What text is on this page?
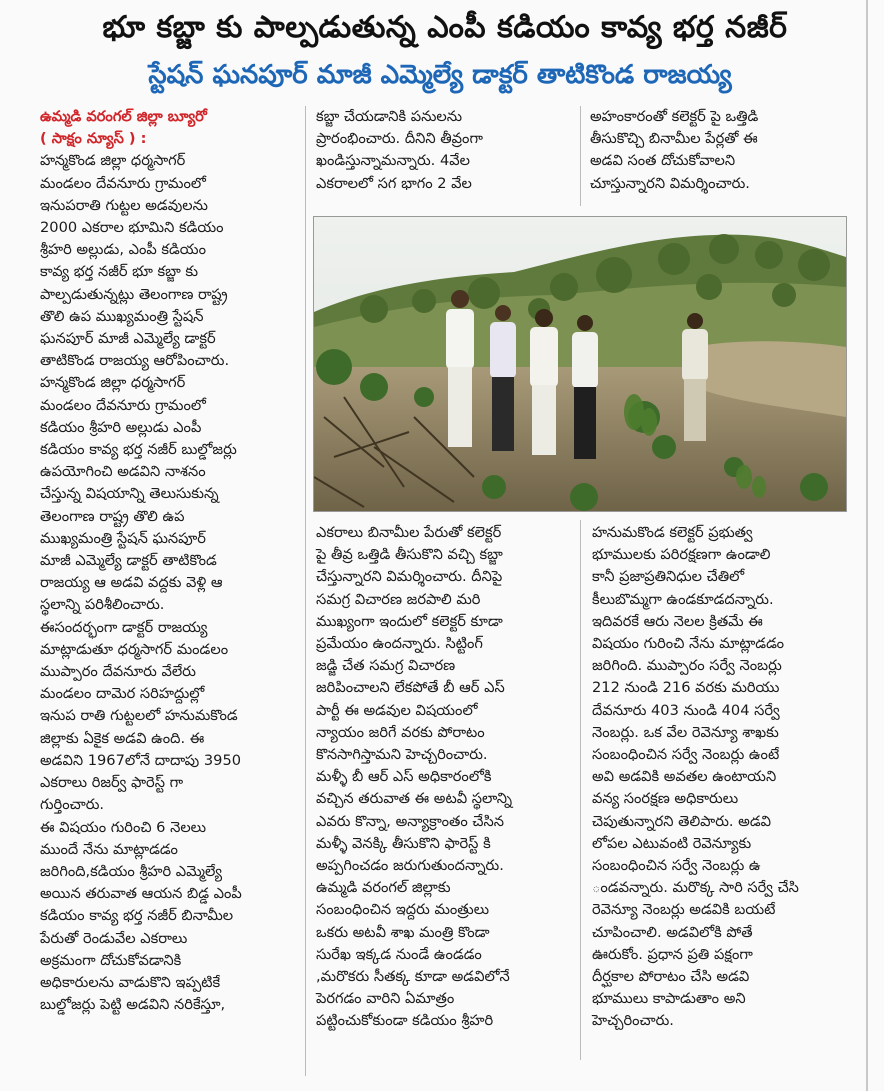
భూ కబ్జా కు పాల్పడుతున్న ఎంపీ కడియం కావ్య భర్త నజీర్
స్టేషన్ ఘనపూర్ మాజీ ఎమ్మెల్యే డాక్టర్ తాటికొండ రాజయ్య

ఉమ్మడి వరంగల్ జిల్లా బ్యూరో
( సాక్షం న్యూస్ ) :

హన్మకొండ జిల్లా ధర్మసాగర్
మండలం దేవనూరు గ్రామంలో
ఇనుపరాతి గుట్టల అడవులను
2000 ఎకరాల భూమిని కడియం
శ్రీహరి అల్లుడు, ఎంపీ కడియం
కావ్య భర్త నజీర్ భూ కబ్జా కు
పాల్పడుతున్నట్లు తెలంగాణ రాష్ట్ర
తొలి ఉప ముఖ్యమంత్రి స్టేషన్
ఘనపూర్ మాజీ ఎమ్మెల్యే డాక్టర్
తాటికొండ రాజయ్య ఆరోపించారు.
హన్మకొండ జిల్లా ధర్మసాగర్
మండలం దేవనూరు గ్రామంలో
కడియం శ్రీహరి అల్లుడు ఎంపీ
కడియం కావ్య భర్త నజీర్ బుల్డోజర్లు
ఉపయోగించి అడవిని నాశనం
చేస్తున్న విషయాన్ని తెలుసుకున్న
తెలంగాణ రాష్ట్ర తొలి ఉప
ముఖ్యమంత్రి స్టేషన్ ఘనపూర్
మాజీ ఎమ్మెల్యే డాక్టర్ తాటికొండ
రాజయ్య ఆ అడవి వద్దకు వెళ్లి ఆ
స్థలాన్ని పరిశీలించారు.
ఈసందర్భంగా డాక్టర్ రాజయ్య
మాట్లాడుతూ ధర్మసాగర్ మండలం
ముప్పారం దేవనూరు వేలేరు
మండలం దామెర సరిహద్దుల్లో
ఇనుప రాతి గుట్టలలో హనుమకొండ
జిల్లాకు ఏకైక అడవి ఉంది. ఈ
అడవిని 1967లోనే దాదాపు 3950
ఎకరాలు రిజర్వ్ ఫారెస్ట్ గా
గుర్తించారు.
ఈ విషయం గురించి 6 నెలలు
ముందే నేను మాట్లాడడం
జరిగింది,కడియం శ్రీహరి ఎమ్మెల్యే
అయిన తరువాత ఆయన బిడ్డ ఎంపీ
కడియం కావ్య భర్త నజీర్ బినామీల
పేరుతో రెండువేల ఎకరాలు
అక్రమంగా దోచుకోవడానికి
అధికారులను వాడుకొని ఇప్పటికే
బుల్డోజర్లు పెట్టి అడవిని నరికేస్తూ,

కబ్జా చేయడానికి పనులను
ప్రారంభించారు. దీనిని తీవ్రంగా
ఖండిస్తున్నామన్నారు. 4వేల
ఎకరాలలో సగ భాగం 2 వేల

అహంకారంతో కలెక్టర్ పై ఒత్తిడి
తీసుకొచ్చి బినామీల పేర్లతో ఈ
అడవి సంత దోచుకోవాలని
చూస్తున్నారని విమర్శించారు.

ఎకరాలు బినామీల పేరుతో కలెక్టర్
పై తీవ్ర ఒత్తిడి తీసుకొని వచ్చి కబ్జా
చేస్తున్నారని విమర్శించారు. దీనిపై
సమగ్ర విచారణ జరపాలి మరి
ముఖ్యంగా ఇందులో కలెక్టర్ కూడా
ప్రమేయం ఉందన్నారు. సిట్టింగ్
జడ్జి చేత సమగ్ర విచారణ
జరిపించాలని లేకపోతే బీ ఆర్ ఎస్
పార్టీ ఈ అడవుల విషయంలో
న్యాయం జరిగే వరకు పోరాటం
కొనసాగిస్తామని హెచ్చరించారు.
మళ్ళీ బీ ఆర్ ఎస్ అధికారంలోకి
వచ్చిన తరువాత ఈ అటవీ స్థలాన్ని
ఎవరు కొన్నా, అన్యాక్రాంతం చేసిన
మళ్ళీ వెనక్కి తీసుకొని ఫారెస్ట్ కి
అప్పగించడం జరుగుతుందన్నారు.
ఉమ్మడి వరంగల్ జిల్లాకు
సంబంధించిన ఇద్దరు మంత్రులు
ఒకరు అటవీ శాఖ మంత్రి కొండా
సురేఖ ఇక్కడ నుండే ఉండడం
,మరొకరు సీతక్క కూడా అడవిలోనే
పెరగడం వారిని ఏమాత్రం
పట్టించుకోకుండా కడియం శ్రీహరి

హనుమకొండ కలెక్టర్ ప్రభుత్వ
భూములకు పరిరక్షణగా ఉండాలి
కానీ ప్రజాప్రతినిధుల చేతిలో
కీలుబొమ్మగా ఉండకూడదన్నారు.
ఇదివరకే ఆరు నెలల క్రితమే ఈ
విషయం గురించి నేను మాట్లాడడం
జరిగింది. ముప్పారం సర్వే నెంబర్లు
212 నుండి 216 వరకు మరియు
దేవనూరు 403 నుండి 404 సర్వే
నెంబర్లు. ఒక వేల రెవెన్యూ శాఖకు
సంబంధించిన సర్వే నెంబర్లు ఉంటే
అవి అడవికి అవతల ఉంటాయని
వన్య సంరక్షణ అధికారులు
చెపుతున్నారని తెలిపారు. అడవి
లోపల ఎటువంటి రెవెన్యూకు
సంబంధించిన సర్వే నెంబర్లు ఉ
ండవన్నారు. మరొక్క సారి సర్వే చేసి
రెవెన్యూ నెంబర్లు అడవికి బయటే
చూపించాలి. అడవిలోకి పోతే
ఊరుకోం. ప్రధాన ప్రతి పక్షంగా
దీర్ఘకాల పోరాటం చేసి అడవి
భూములు కాపాడుతాం అని
హెచ్చరించారు.
